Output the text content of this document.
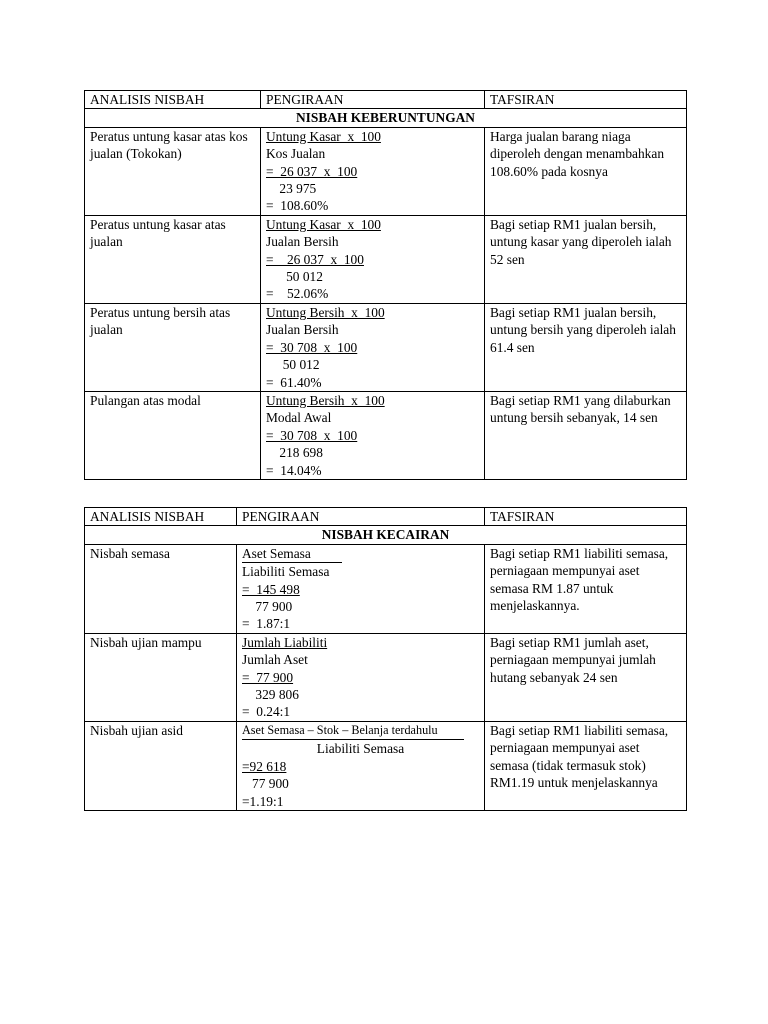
ANALISIS NISBAH	PENGIRAAN	TAFSIRAN
NISBAH KEBERUNTUNGAN		
Peratus untung kasar atas kos jualan (Tokokan)	Untung Kasar  x  100
Kos Jualan
=  26 037  x  100
23 975
=  108.60%	Harga jualan barang niaga diperoleh dengan menambahkan 108.60% pada kosnya
Peratus untung kasar atas jualan	Untung Kasar  x  100
Jualan Bersih
=    26 037  x  100
50 012
=    52.06%	Bagi setiap RM1 jualan bersih, untung kasar yang diperoleh ialah 52 sen
Peratus untung bersih atas jualan	Untung Bersih  x  100
Jualan Bersih
=  30 708  x  100
50 012
=  61.40%	Bagi setiap RM1 jualan bersih, untung bersih yang diperoleh ialah 61.4 sen
Pulangan atas modal	Untung Bersih  x  100
Modal Awal
=  30 708  x  100
218 698
=  14.04%	Bagi setiap RM1 yang dilaburkan untung bersih sebanyak, 14 sen
ANALISIS NISBAH	PENGIRAAN	TAFSIRAN
NISBAH KECAIRAN		
Nisbah semasa	Aset Semasa
Liabiliti Semasa
=  145 498
77 900
=  1.87:1	Bagi setiap RM1 liabiliti semasa, perniagaan mempunyai aset semasa RM 1.87 untuk menjelaskannya.
Nisbah ujian mampu	Jumlah Liabiliti
Jumlah Aset
=  77 900
329 806
=  0.24:1	Bagi setiap RM1 jumlah aset, perniagaan mempunyai jumlah hutang sebanyak 24 sen
Nisbah ujian asid	Aset Semasa – Stok – Belanja terdahulu
Liabiliti Semasa
=92 618
77 900
=1.19:1	Bagi setiap RM1 liabiliti semasa, perniagaan mempunyai aset semasa (tidak termasuk stok) RM1.19 untuk menjelaskannya
